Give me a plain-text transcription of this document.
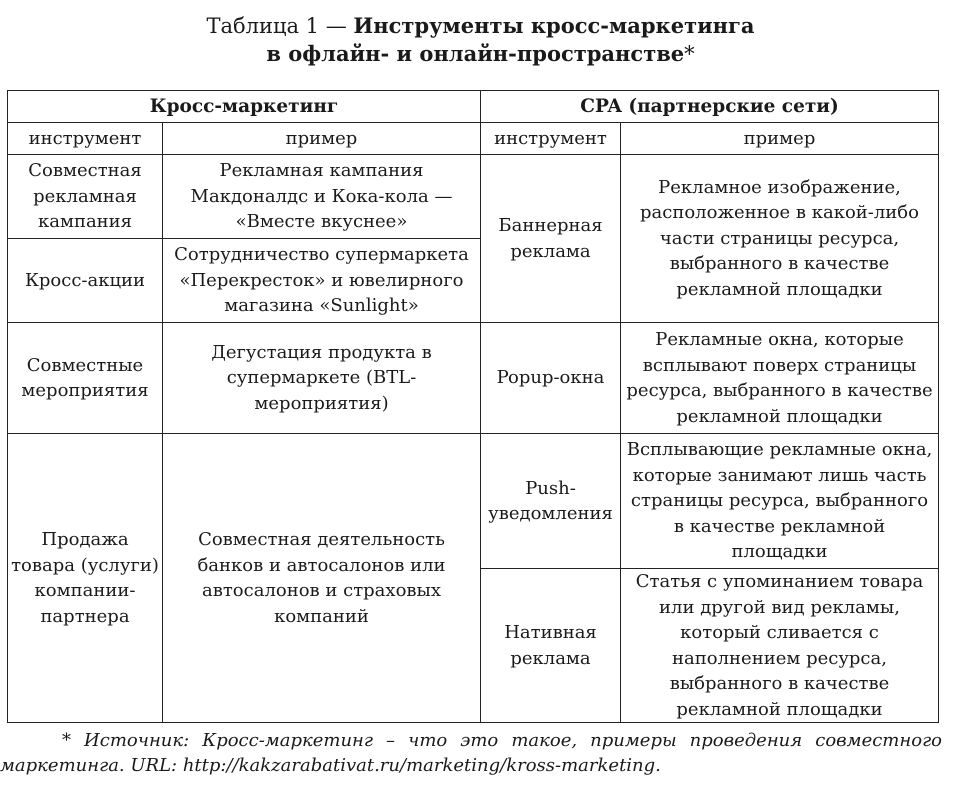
Таблица 1 — Инструменты кросс-маркетинга
в офлайн- и онлайн-пространстве*
Кросс-маркетинг		CPA (партнерские сети)	
инструмент	пример	инструмент	пример
Совместная рекламная кампания	Рекламная кампания Макдоналдс и Кока-кола — «Вместе вкуснее»	Баннерная реклама	Рекламное изображение, расположенное в какой-либо части страницы ресурса, выбранного в качестве рекламной площадки
Кросс-акции	Сотрудничество супермаркета «Перекресток» и ювелирного магазина «Sunlight»		
Совместные мероприятия	Дегустация продукта в супермаркете (BTL-мероприятия)	Popup-окна	Рекламные окна, которые всплывают поверх страницы ресурса, выбранного в качестве рекламной площадки
Продажа товара (услуги) компании-партнера	Совместная деятельность банков и автосалонов или автосалонов и страховых компаний	Push-уведомления	Всплывающие рекламные окна, которые занимают лишь часть страницы ресурса, выбранного в качестве рекламной площадки
		Нативная реклама	Статья с упоминанием товара или другой вид рекламы, который сливается с наполнением ресурса, выбранного в качестве рекламной площадки
* Источник: Кросс-маркетинг – что это такое, примеры проведения совместного маркетинга. URL: http://kakzarabativat.ru/marketing/kross-marketing.
